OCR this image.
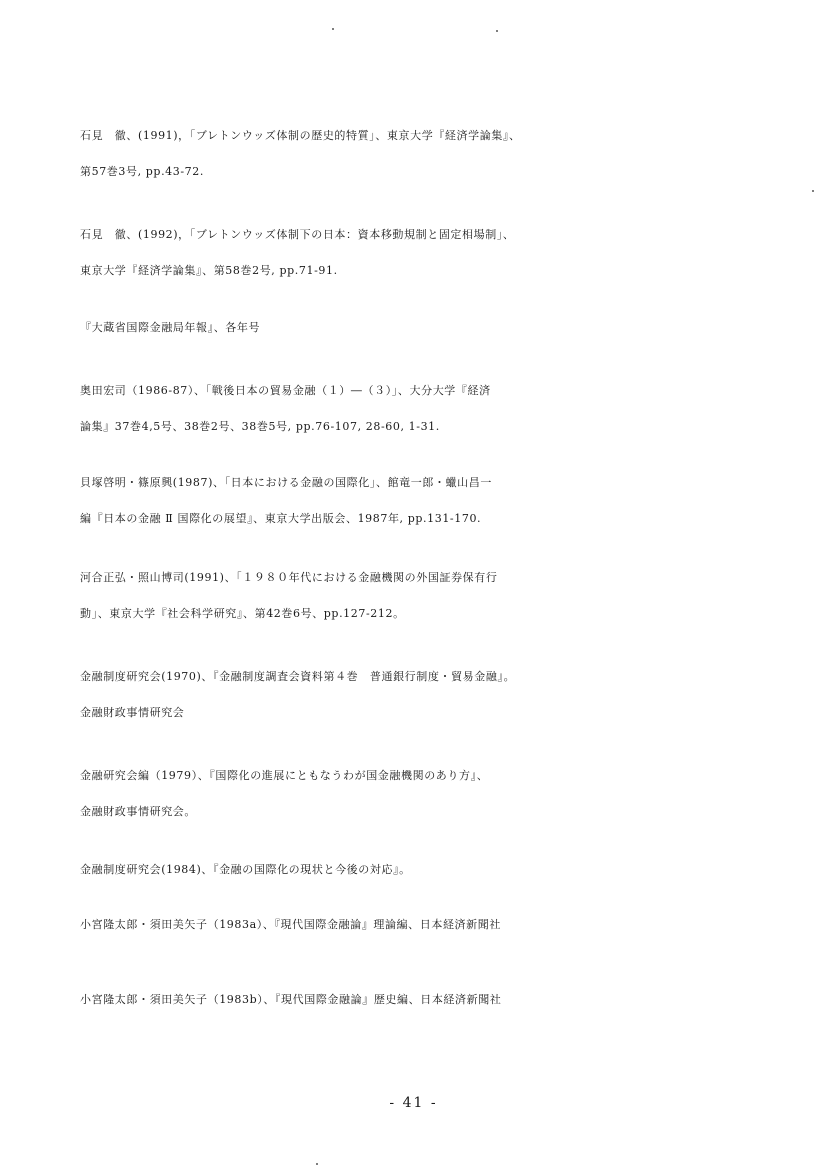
石見　徹、(1991)，「ブレトンウッズ体制の歴史的特質」、東京大学『経済学論集』、
第57巻3号, pp.43-72.
石見　徹、(1992)，「ブレトンウッズ体制下の日本：資本移動規制と固定相場制」、
東京大学『経済学論集』、第58巻2号, pp.71-91.
『大蔵省国際金融局年報』、各年号
奥田宏司（1986-87）、「戦後日本の貿易金融（１）―（３）」、大分大学『経済
論集』37巻4,5号、38巻2号、38巻5号, pp.76-107, 28-60, 1-31.
貝塚啓明・篠原興(1987)、「日本における金融の国際化」、館竜一郎・蠟山昌一
編『日本の金融 Ⅱ 国際化の展望』、東京大学出版会、1987年, pp.131-170.
河合正弘・照山博司(1991)、「１９８０年代における金融機関の外国証券保有行
動」、東京大学『社会科学研究』、第42巻6号、pp.127-212。
金融制度研究会(1970)、『金融制度調査会資料第４巻　普通銀行制度・貿易金融』。
金融財政事情研究会
金融研究会編（1979）、『国際化の進展にともなうわが国金融機関のあり方』、
金融財政事情研究会。
金融制度研究会(1984)、『金融の国際化の現状と今後の対応』。
小宮隆太郎・須田美矢子（1983a）、『現代国際金融論』理論編、日本経済新聞社
小宮隆太郎・須田美矢子（1983b）、『現代国際金融論』歴史編、日本経済新聞社
- 41 -
